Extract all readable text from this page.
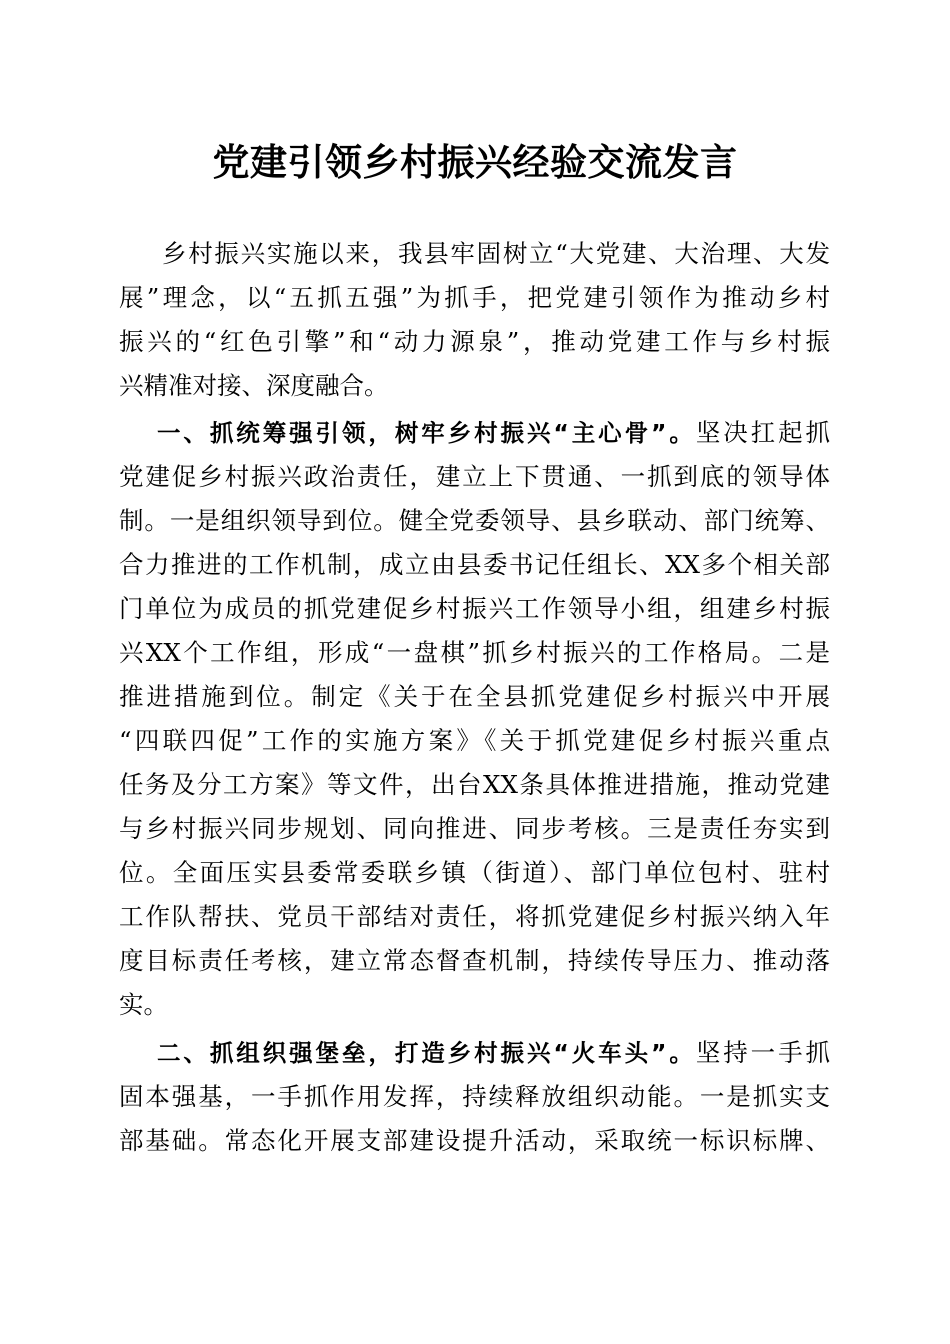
党建引领乡村振兴经验交流发言
乡村振兴实施以来，我县牢固树立“大党建、大治理、大发
展”理念，以“五抓五强”为抓手，把党建引领作为推动乡村
振兴的“红色引擎”和“动力源泉”，推动党建工作与乡村振
兴精准对接、深度融合。
一、抓统筹强引领，树牢乡村振兴“主心骨”。坚决扛起抓
党建促乡村振兴政治责任，建立上下贯通、一抓到底的领导体
制。一是组织领导到位。健全党委领导、县乡联动、部门统筹、
合力推进的工作机制，成立由县委书记任组长、XX多个相关部
门单位为成员的抓党建促乡村振兴工作领导小组，组建乡村振
兴XX个工作组，形成“一盘棋”抓乡村振兴的工作格局。二是
推进措施到位。制定《关于在全县抓党建促乡村振兴中开展
“四联四促”工作的实施方案》《关于抓党建促乡村振兴重点
任务及分工方案》等文件，出台XX条具体推进措施，推动党建
与乡村振兴同步规划、同向推进、同步考核。三是责任夯实到
位。全面压实县委常委联乡镇（街道）、部门单位包村、驻村
工作队帮扶、党员干部结对责任，将抓党建促乡村振兴纳入年
度目标责任考核，建立常态督查机制，持续传导压力、推动落
实。
二、抓组织强堡垒，打造乡村振兴“火车头”。坚持一手抓
固本强基，一手抓作用发挥，持续释放组织动能。一是抓实支
部基础。常态化开展支部建设提升活动，采取统一标识标牌、
